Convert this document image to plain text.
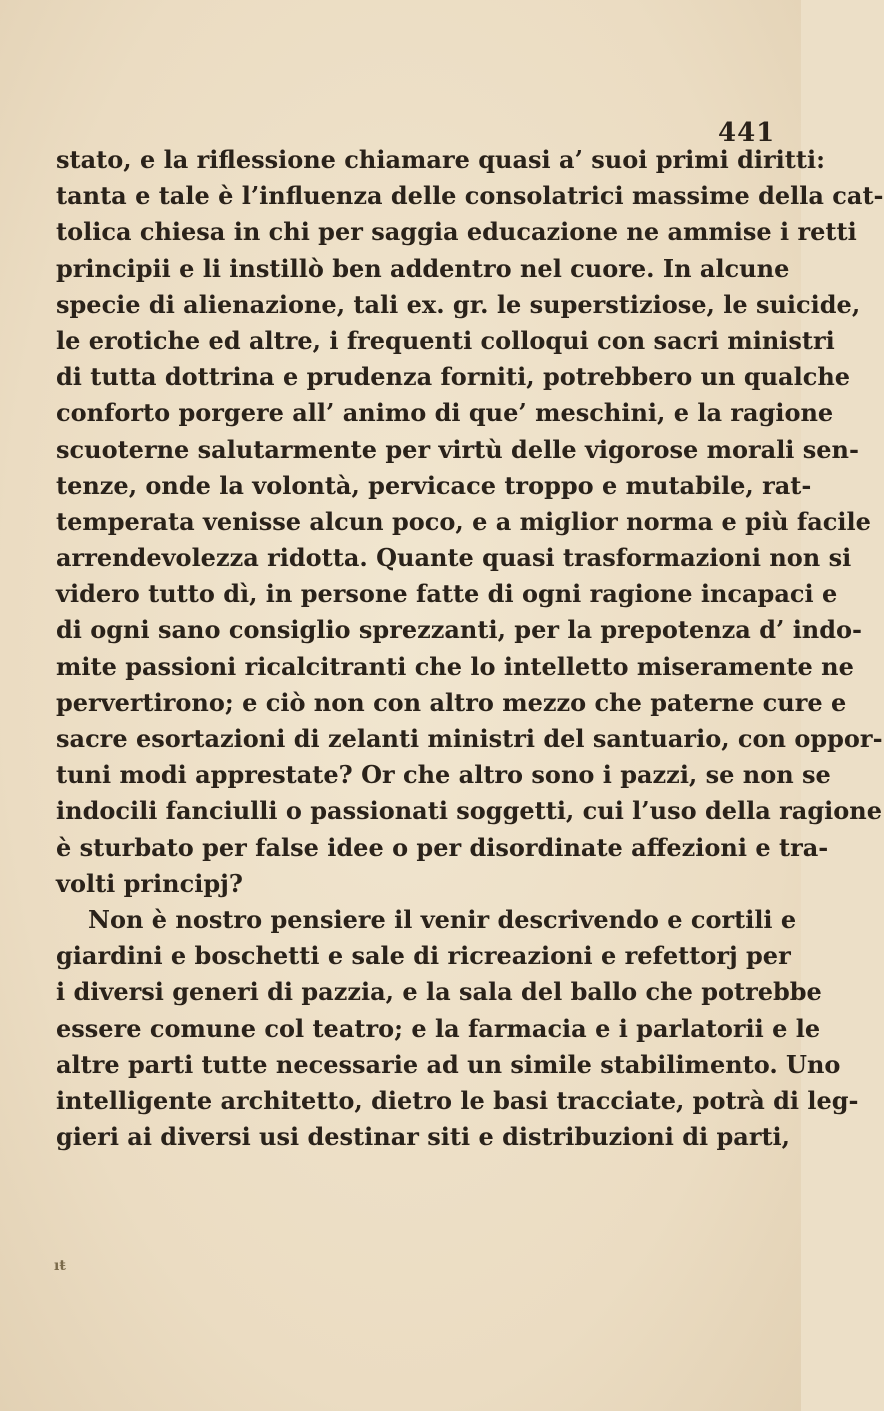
441
stato, e la riflessione chiamare quasi a’ suoi primi diritti:
tanta e tale è l’influenza delle consolatrici massime della cat-
tolica chiesa in chi per saggia educazione ne ammise i retti
principii e li instillò ben addentro nel cuore. In alcune
specie di alienazione, tali ex. gr. le superstiziose, le suicide,
le erotiche ed altre, i frequenti colloqui con sacri ministri
di tutta dottrina e prudenza forniti, potrebbero un qualche
conforto porgere all’ animo di que’ meschini, e la ragione
scuoterne salutarmente per virtù delle vigorose morali sen-
tenze, onde la volontà, pervicace troppo e mutabile, rat-
temperata venisse alcun poco, e a miglior norma e più facile
arrendevolezza ridotta. Quante quasi trasformazioni non si
videro tutto dì, in persone fatte di ogni ragione incapaci e
di ogni sano consiglio sprezzanti, per la prepotenza d’ indo-
mite passioni ricalcitranti che lo intelletto miseramente ne
pervertirono; e ciò non con altro mezzo che paterne cure e
sacre esortazioni di zelanti ministri del santuario, con oppor-
tuni modi apprestate? Or che altro sono i pazzi, se non se
indocili fanciulli o passionati soggetti, cui l’uso della ragione
è sturbato per false idee o per disordinate affezioni e tra-
volti principj?
Non è nostro pensiere il venir descrivendo e cortili e
giardini e boschetti e sale di ricreazioni e refettorj per
i diversi generi di pazzia, e la sala del ballo che potrebbe
essere comune col teatro; e la farmacia e i parlatorii e le
altre parti tutte necessarie ad un simile stabilimento. Uno
intelligente architetto, dietro le basi tracciate, potrà di leg-
gieri ai diversi usi destinar siti e distribuzioni di parti,
ıŧ
